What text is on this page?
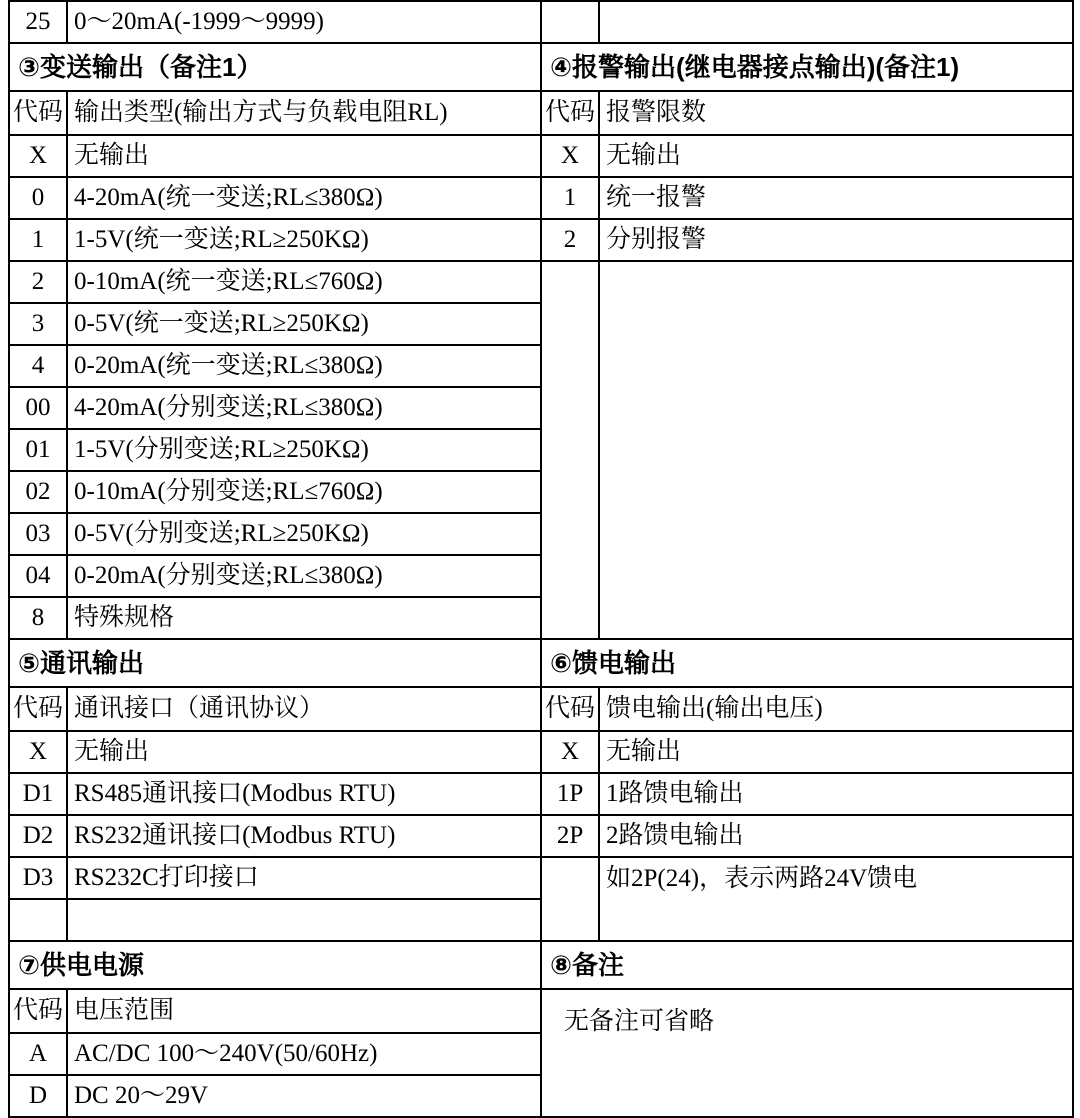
25	0～20mA(-1999～9999)

③变送输出（备注1）		④报警输出(继电器接点输出)(备注1)	

代码	输出类型(输出方式与负载电阻RL)	代码	报警限数

X	无输出	X	无输出

0	4-20mA(统一变送;RL≤380Ω)	1	统一报警

1	1-5V(统一变送;RL≥250KΩ)	2	分别报警

2	0-10mA(统一变送;RL≤760Ω)		

3	0-5V(统一变送;RL≥250KΩ)		

4	0-20mA(统一变送;RL≤380Ω)		

00	4-20mA(分别变送;RL≤380Ω)		

01	1-5V(分别变送;RL≥250KΩ)		

02	0-10mA(分别变送;RL≤760Ω)		

03	0-5V(分别变送;RL≥250KΩ)		

04	0-20mA(分别变送;RL≤380Ω)		

8	特殊规格		

⑤通讯输出		⑥馈电输出	

代码	通讯接口（通讯协议）	代码	馈电输出(输出电压)

X	无输出	X	无输出

D1	RS485通讯接口(Modbus RTU)	1P	1路馈电输出

D2	RS232通讯接口(Modbus RTU)	2P	2路馈电输出

D3	RS232C打印接口		如2P(24)，表示两路24V馈电

⑦供电电源		⑧备注

代码	电压范围	无备注可省略

A	AC/DC 100～240V(50/60Hz)	

D	DC 20～29V	
